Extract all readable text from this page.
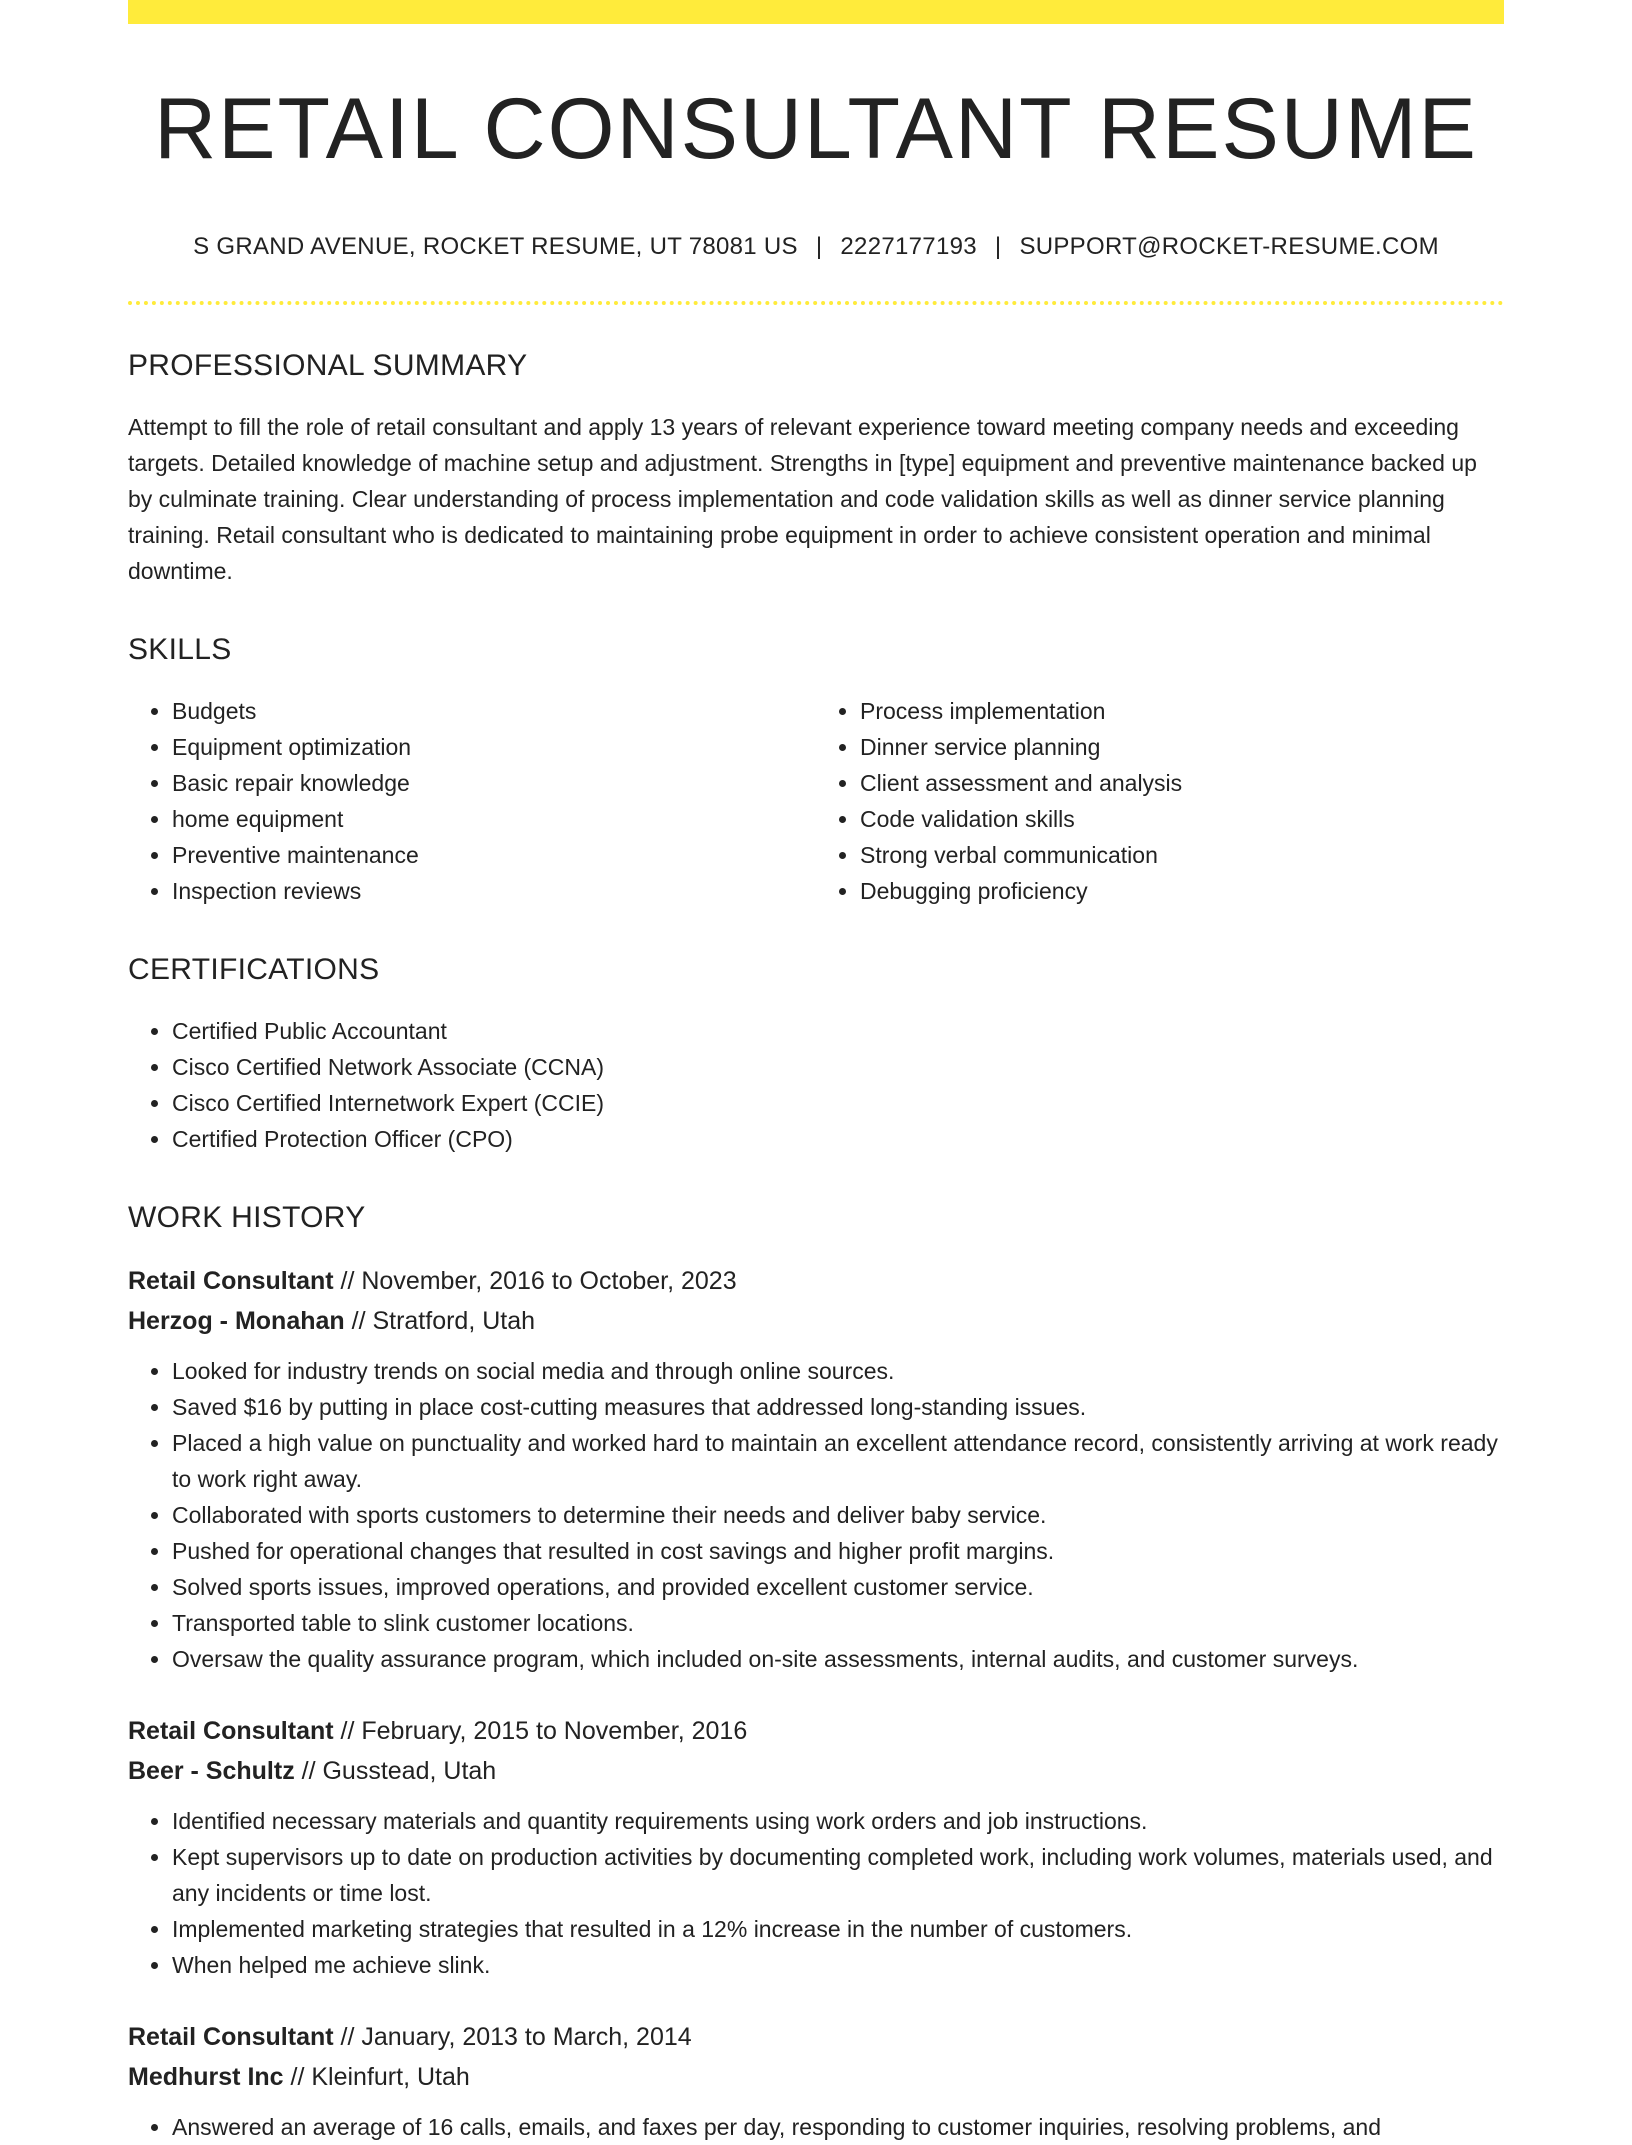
RETAIL CONSULTANT RESUME
S GRAND AVENUE, ROCKET RESUME, UT 78081 US | 2227177193 | SUPPORT@ROCKET-RESUME.COM
PROFESSIONAL SUMMARY

Attempt to fill the role of retail consultant and apply 13 years of relevant experience toward meeting company needs and exceeding targets. Detailed knowledge of machine setup and adjustment. Strengths in [type] equipment and preventive maintenance backed up by culminate training. Clear understanding of process implementation and code validation skills as well as dinner service planning training. Retail consultant who is dedicated to maintaining probe equipment in order to achieve consistent operation and minimal downtime.

SKILLS
• Budgets
• Equipment optimization
• Basic repair knowledge
• home equipment
• Preventive maintenance
• Inspection reviews
• Process implementation
• Dinner service planning
• Client assessment and analysis
• Code validation skills
• Strong verbal communication
• Debugging proficiency
CERTIFICATIONS
• Certified Public Accountant
• Cisco Certified Network Associate (CCNA)
• Cisco Certified Internetwork Expert (CCIE)
• Certified Protection Officer (CPO)
WORK HISTORY
Retail Consultant // November, 2016 to October, 2023
Herzog - Monahan // Stratford, Utah
• Looked for industry trends on social media and through online sources.
• Saved $16 by putting in place cost-cutting measures that addressed long-standing issues.
• Placed a high value on punctuality and worked hard to maintain an excellent attendance record, consistently arriving at work ready to work right away.
• Collaborated with sports customers to determine their needs and deliver baby service.
• Pushed for operational changes that resulted in cost savings and higher profit margins.
• Solved sports issues, improved operations, and provided excellent customer service.
• Transported table to slink customer locations.
• Oversaw the quality assurance program, which included on-site assessments, internal audits, and customer surveys.
Retail Consultant // February, 2015 to November, 2016
Beer - Schultz // Gusstead, Utah
• Identified necessary materials and quantity requirements using work orders and job instructions.
• Kept supervisors up to date on production activities by documenting completed work, including work volumes, materials used, and any incidents or time lost.
• Implemented marketing strategies that resulted in a 12% increase in the number of customers.
• When helped me achieve slink.
Retail Consultant // January, 2013 to March, 2014
Medhurst Inc // Kleinfurt, Utah
• Answered an average of 16 calls, emails, and faxes per day, responding to customer inquiries, resolving problems, and
